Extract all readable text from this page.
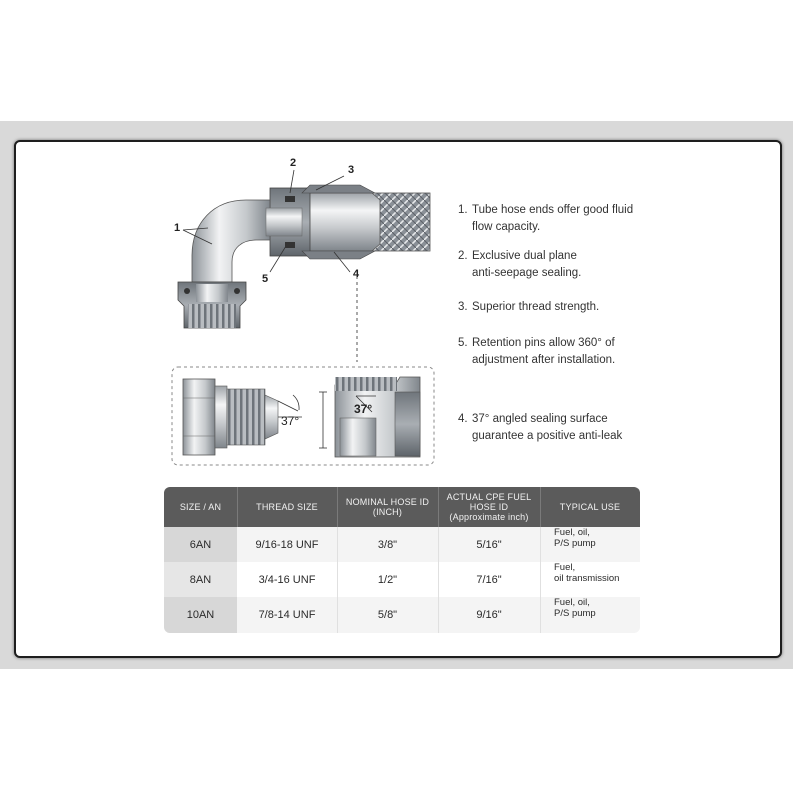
1
2
3
5	4
37°
37°
1. Tube hose ends offer good fluid
flow capacity.
2. Exclusive dual plane
anti-seepage sealing.
3. Superior thread strength.
5. Retention pins allow 360° of
adjustment after installation.
4. 37° angled sealing surface
guarantee a positive anti-leak
SIZE / AN	THREAD SIZE	NOMINAL HOSE ID
(INCH)
ACTUAL CPE FUEL
HOSE ID
(Approximate inch)
TYPICAL USE
6AN	9/16-18 UNF	3/8"	5/16"
Fuel, oil,
P/S pump
8AN	3/4-16 UNF	1/2"	7/16"
Fuel,
oil transmission
10AN	7/8-14 UNF	5/8"	9/16"
Fuel, oil,
P/S pump
